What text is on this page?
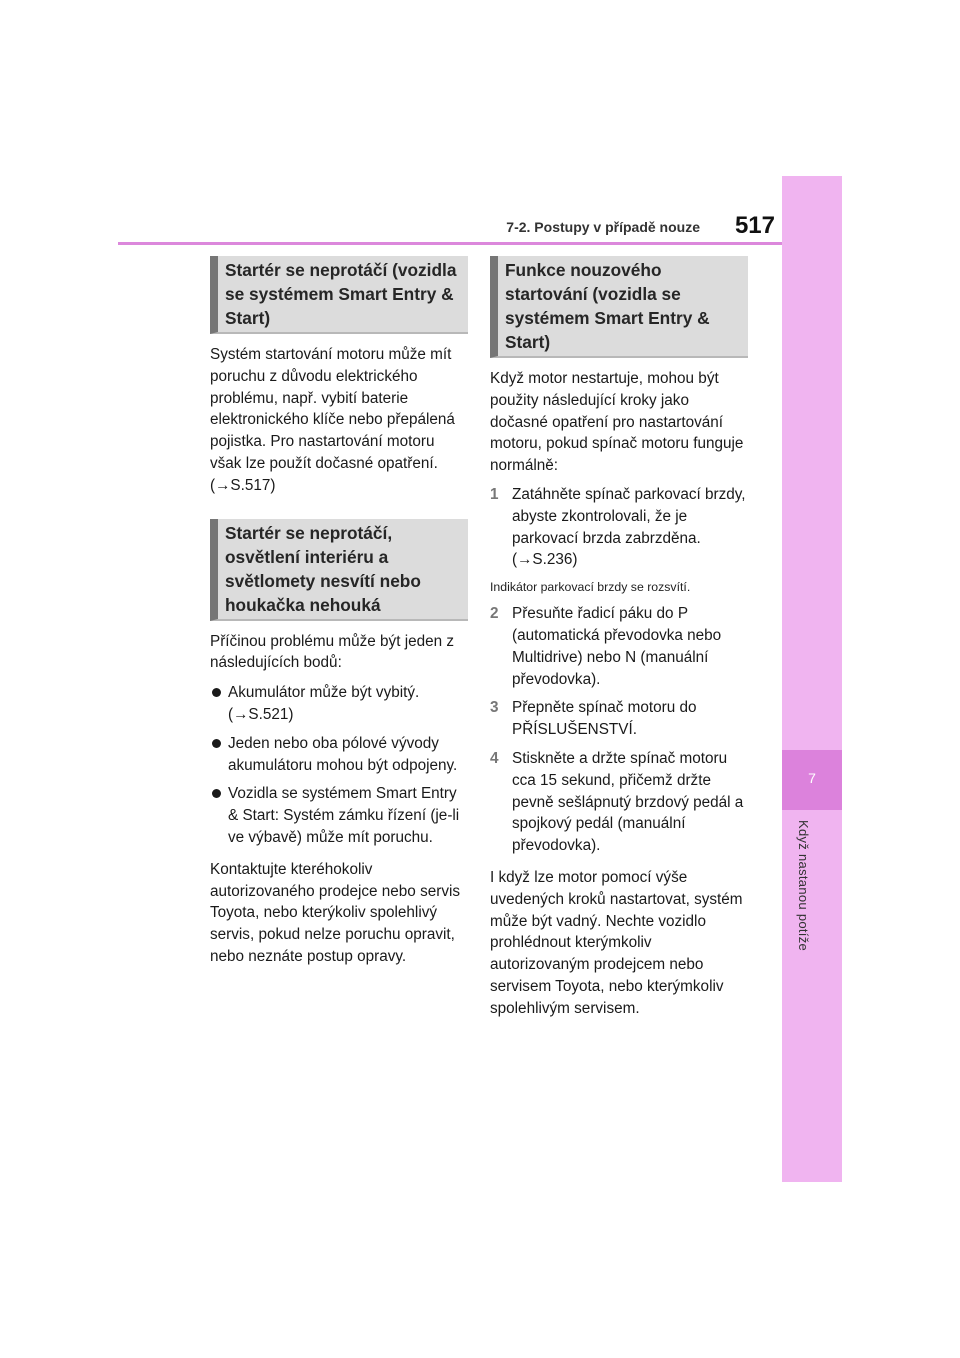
7-2. Postupy v případě nouze	517
7
Když nastanou potíže
Startér se neprotáčí (vozidla se systémem Smart Entry & Start)

Systém startování motoru může mít poruchu z důvodu elektrického problému, např. vybití baterie elektronického klíče nebo přepálená pojistka. Pro nastartování motoru však lze použít dočasné opatření. (→S.517)

Startér se neprotáčí, osvětlení interiéru a světlomety nesvítí nebo houkačka nehouká

Příčinou problému může být jeden z následujících bodů:

Akumulátor může být vybitý. (→S.521)
Jeden nebo oba pólové vývody akumulátoru mohou být odpojeny.
Vozidla se systémem Smart Entry & Start: Systém zámku řízení (je-li ve výbavě) může mít poruchu.

Kontaktujte kteréhokoliv autorizovaného prodejce nebo servis Toyota, nebo kterýkoliv spolehlivý servis, pokud nelze poruchu opravit, nebo neznáte postup opravy.

Funkce nouzového startování (vozidla se systémem Smart Entry & Start)

Když motor nestartuje, mohou být použity následující kroky jako dočasné opatření pro nastartování motoru, pokud spínač motoru funguje normálně:

1 Zatáhněte spínač parkovací brzdy, abyste zkontrolovali, že je parkovací brzda zabrzděna. (→S.236)

Indikátor parkovací brzdy se rozsvítí.

2 Přesuňte řadicí páku do P (automatická převodovka nebo Multidrive) nebo N (manuální převodovka).
3 Přepněte spínač motoru do PŘÍSLUŠENSTVÍ.
4 Stiskněte a držte spínač motoru cca 15 sekund, přičemž držte pevně sešlápnutý brzdový pedál a spojkový pedál (manuální převodovka).

I když lze motor pomocí výše uvedených kroků nastartovat, systém může být vadný. Nechte vozidlo prohlédnout kterýmkoliv autorizovaným prodejcem nebo servisem Toyota, nebo kterýmkoliv spolehlivým servisem.
